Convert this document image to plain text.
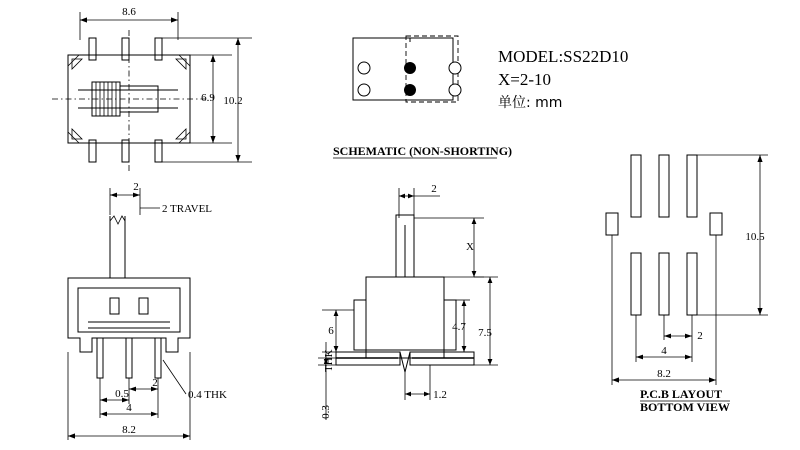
8.6
6.9 10.2
SCHEMATIC (NON-SHORTING)
MODEL:SS22D10
X=2-10
单位: mm
2
2 TRAVEL
2
0.5	0.4 THK
4
8.2
2
X
4.7 7.5
6
0.3
THK
1.2
10.5
2
4
8.2
P.C.B LAYOUT
BOTTOM VIEW
